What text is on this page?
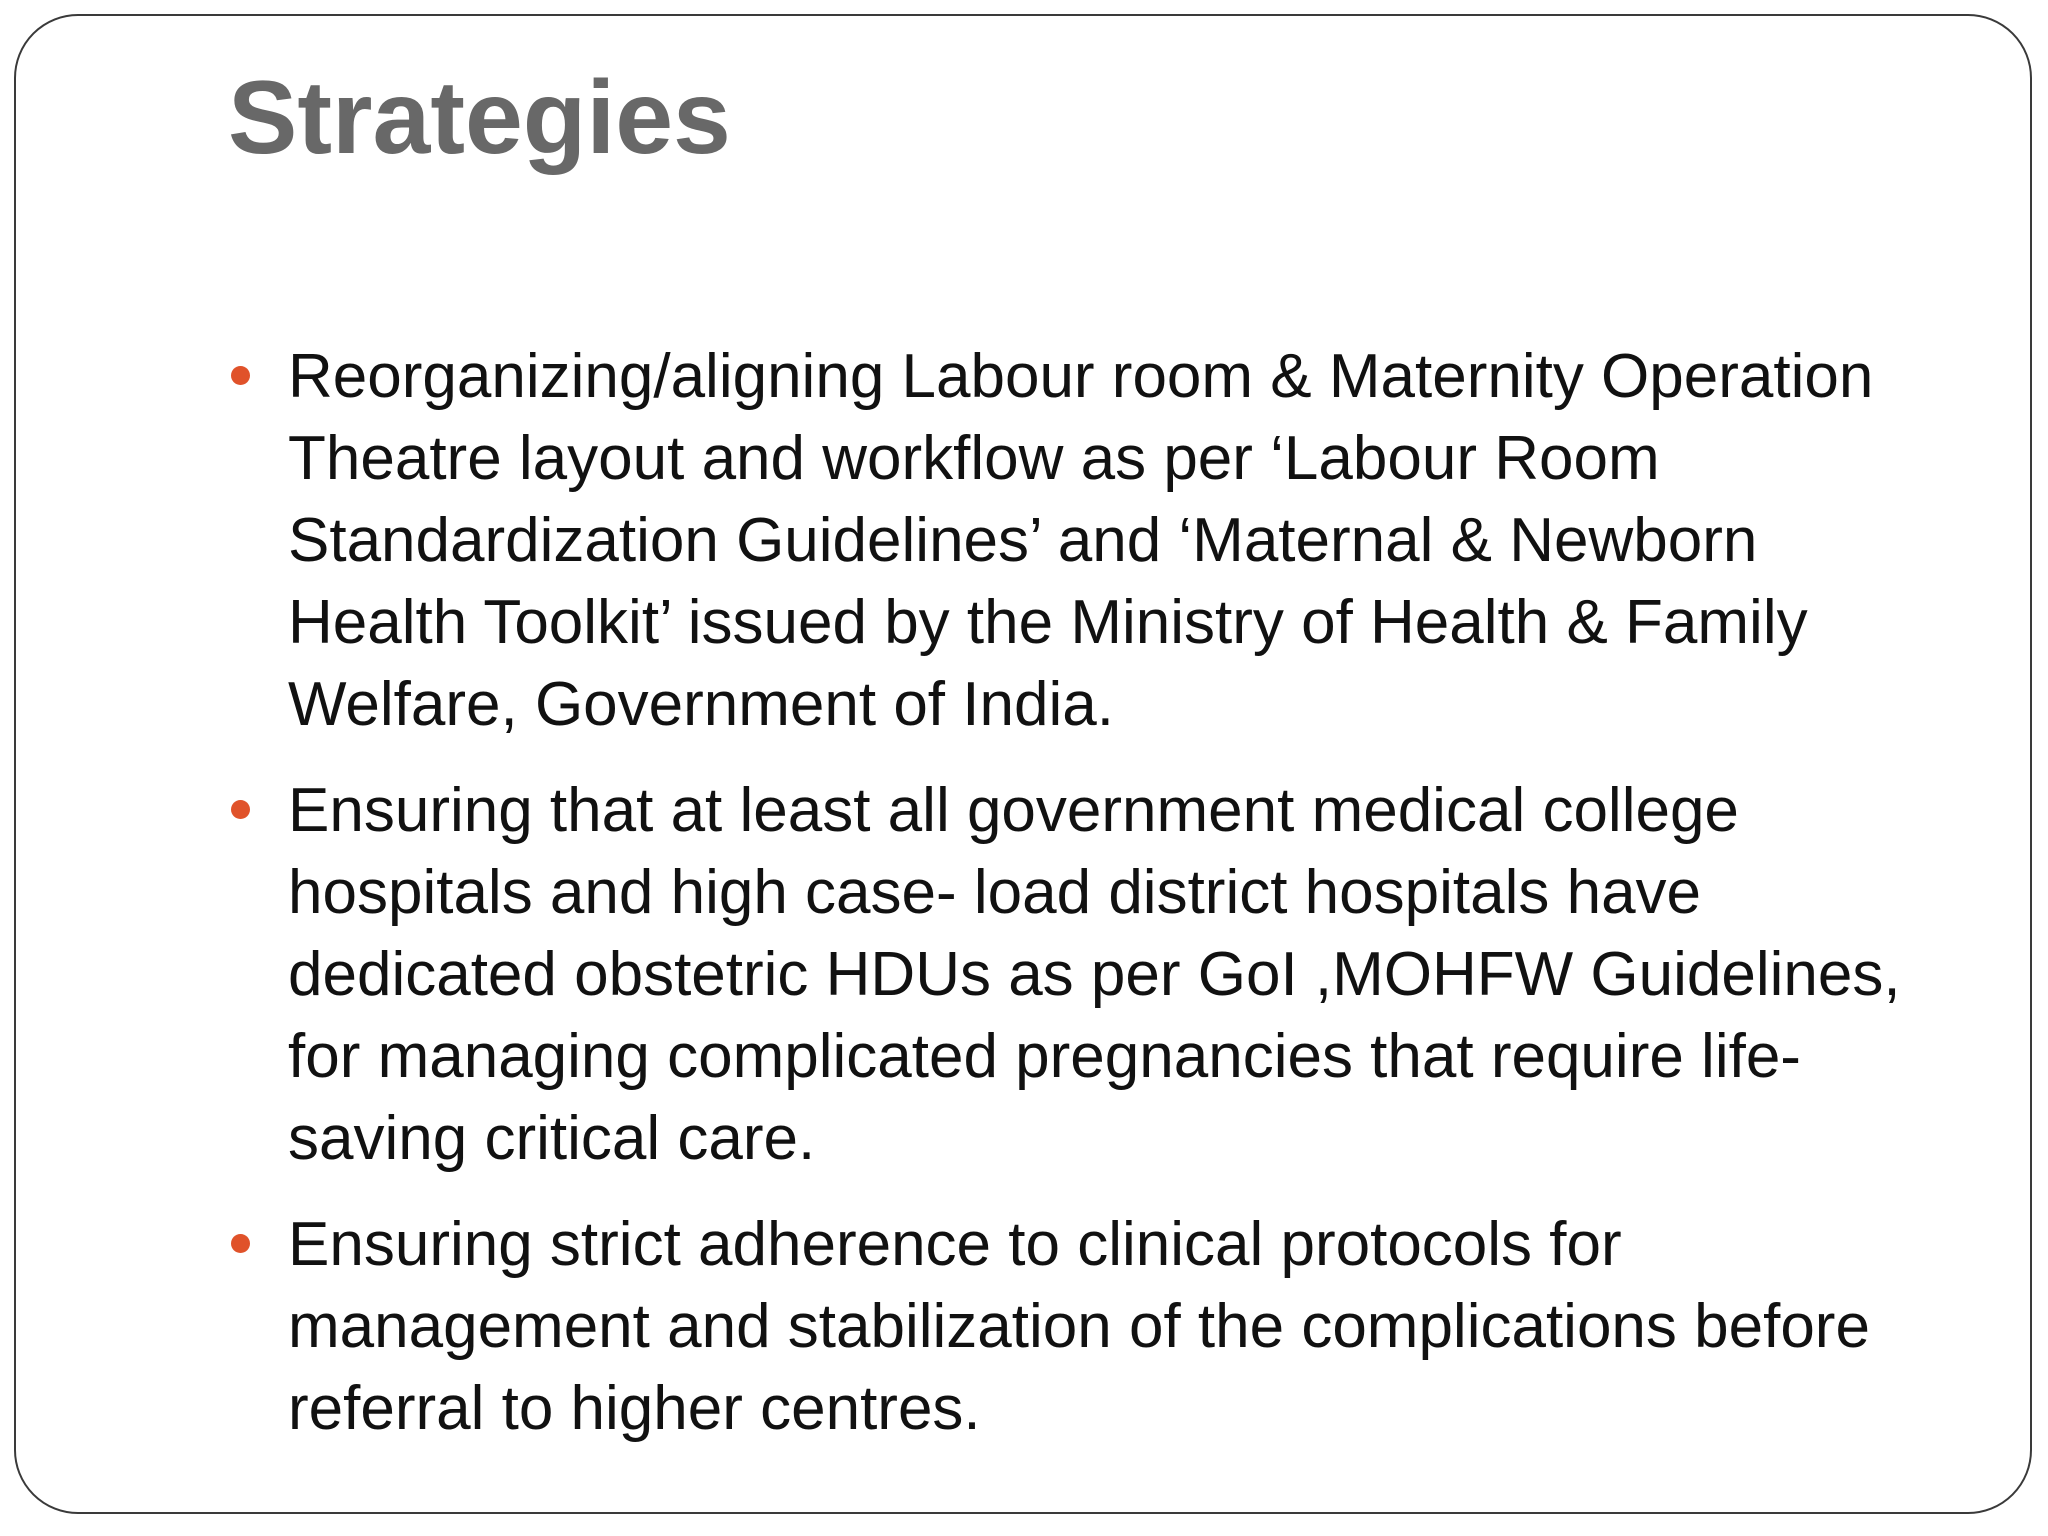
Strategies
Reorganizing/aligning Labour room & Maternity Operation Theatre layout and workflow as per ‘Labour Room Standardization Guidelines’ and ‘Maternal & Newborn Health Toolkit’ issued by the Ministry of Health & Family Welfare, Government of India.
Ensuring that at least all government medical college hospitals and high case- load district hospitals have dedicated obstetric HDUs as per GoI ,MOHFW Guidelines, for managing complicated pregnancies that require life-saving critical care.
Ensuring strict adherence to clinical protocols for management and stabilization of the complications before referral to higher centres.
